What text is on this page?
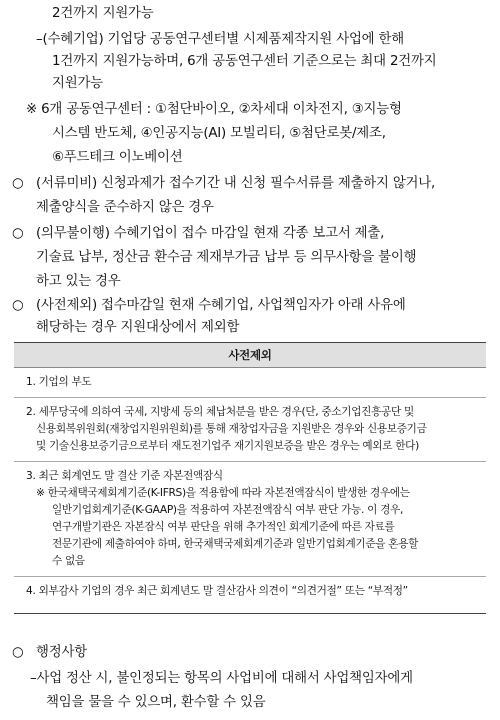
2건까지 지원가능

–(수혜기업) 기업당 공동연구센터별 시제품제작지원 사업에 한해

1건까지 지원가능하며, 6개 공동연구센터 기준으로는 최대 2건까지

지원가능

※ 6개 공동연구센터 : ①첨단바이오, ②차세대 이차전지, ③지능형

시스템 반도체, ④인공지능(AI) 모빌리티, ⑤첨단로봇/제조,

⑥푸드테크 이노베이션

○ (서류미비) 신청과제가 접수기간 내 신청 필수서류를 제출하지 않거나,

제출양식을 준수하지 않은 경우

○ (의무불이행) 수혜기업이 접수 마감일 현재 각종 보고서 제출,

기술료 납부, 정산금 환수금 제재부가금 납부 등 의무사항을 불이행

하고 있는 경우

○ (사전제외) 접수마감일 현재 수혜기업, 사업책임자가 아래 사유에

해당하는 경우 지원대상에서 제외함

사전제외
1. 기업의 부도
2. 세무당국에 의하여 국세, 지방세 등의 체납처분을 받은 경우(단, 중소기업진흥공단 및
신용회복위원회(재창업지원위원회)를 통해 재창업자금을 지원받은 경우와 신용보증기금
및 기술신용보증기금으로부터 재도전기업주 재기지원보증을 받은 경우는 예외로 한다)
3. 최근 회계연도 말 결산 기준 자본전액잠식
※ 한국채택국제회계기준(K-IFRS)을 적용함에 따라 자본전액잠식이 발생한 경우에는
일반기업회계기준(K-GAAP)을 적용하여 자본전액잠식 여부 판단 가능. 이 경우,
연구개발기관은 자본잠식 여부 판단을 위해 추가적인 회계기준에 따른 자료를
전문기관에 제출하여야 하며, 한국채택국제회계기준과 일반기업회계기준을 혼용할
수 없음
4. 외부감사 기업의 경우 최근 회계년도 말 결산감사 의견이 “의견거절” 또는 “부적정”

○ 행정사항

–사업 정산 시, 불인정되는 항목의 사업비에 대해서 사업책임자에게

책임을 물을 수 있으며, 환수할 수 있음
